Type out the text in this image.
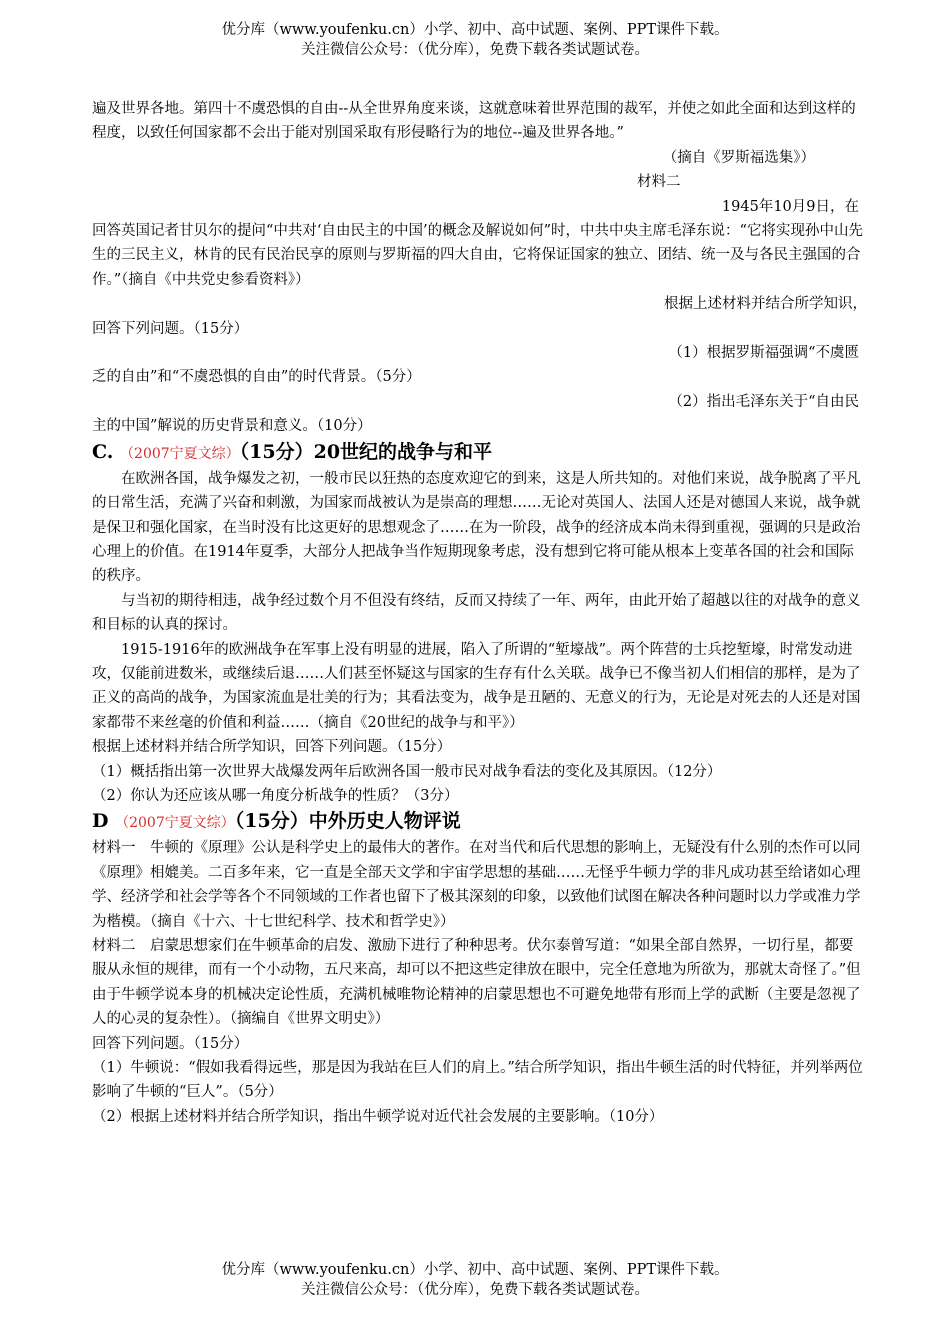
优分库（www.youfenku.cn）小学、初中、高中试题、案例、PPT课件下载。
关注微信公众号：（优分库），免费下载各类试题试卷。

遍及世界各地。第四十不虞恐惧的自由--从全世界角度来谈，这就意味着世界范围的裁军，并使之如此全面和达到这样的程度，以致任何国家都不会出于能对别国采取有形侵略行为的地位--遍及世界各地。”

（摘自《罗斯福选集》）

材料二

1945年10月9日，在

回答英国记者甘贝尔的提问“中共对‘自由民主的中国’的概念及解说如何”时，中共中央主席毛泽东说：“它将实现孙中山先生的三民主义，林肯的民有民治民享的原则与罗斯福的四大自由，它将保证国家的独立、团结、统一及与各民主强国的合作。”（摘自《中共党史参看资料》）

根据上述材料并结合所学知识，

回答下列问题。（15分）

（1）根据罗斯福强调“不虞匮

乏的自由”和“不虞恐惧的自由”的时代背景。（5分）

（2）指出毛泽东关于“自由民

主的中国”解说的历史背景和意义。（10分）

C. （2007宁夏文综）（15分）20世纪的战争与和平

在欧洲各国，战争爆发之初，一般市民以狂热的态度欢迎它的到来，这是人所共知的。对他们来说，战争脱离了平凡的日常生活，充满了兴奋和刺激，为国家而战被认为是崇高的理想……无论对英国人、法国人还是对德国人来说，战争就是保卫和强化国家，在当时没有比这更好的思想观念了……在为一阶段，战争的经济成本尚未得到重视，强调的只是政治心理上的价值。在1914年夏季，大部分人把战争当作短期现象考虑，没有想到它将可能从根本上变革各国的社会和国际的秩序。

与当初的期待相违，战争经过数个月不但没有终结，反而又持续了一年、两年，由此开始了超越以往的对战争的意义和目标的认真的探讨。

1915-1916年的欧洲战争在军事上没有明显的进展，陷入了所谓的“堑壕战”。两个阵营的士兵挖堑壕，时常发动进攻，仅能前进数米，或继续后退……人们甚至怀疑这与国家的生存有什么关联。战争已不像当初人们相信的那样，是为了正义的高尚的战争，为国家流血是壮美的行为；其看法变为，战争是丑陋的、无意义的行为，无论是对死去的人还是对国家都带不来丝毫的价值和利益……（摘自《20世纪的战争与和平》）

根据上述材料并结合所学知识，回答下列问题。（15分）

（1）概括指出第一次世界大战爆发两年后欧洲各国一般市民对战争看法的变化及其原因。（12分）

（2）你认为还应该从哪一角度分析战争的性质？（3分）

D （2007宁夏文综）（15分）中外历史人物评说

材料一　牛顿的《原理》公认是科学史上的最伟大的著作。在对当代和后代思想的影响上，无疑没有什么别的杰作可以同《原理》相媲美。二百多年来，它一直是全部天文学和宇宙学思想的基础……无怪乎牛顿力学的非凡成功甚至给诸如心理学、经济学和社会学等各个不同领域的工作者也留下了极其深刻的印象，以致他们试图在解决各种问题时以力学或准力学为楷模。（摘自《十六、十七世纪科学、技术和哲学史》）

材料二　启蒙思想家们在牛顿革命的启发、激励下进行了种种思考。伏尔泰曾写道：“如果全部自然界，一切行星，都要服从永恒的规律，而有一个小动物，五尺来高，却可以不把这些定律放在眼中，完全任意地为所欲为，那就太奇怪了。”但由于牛顿学说本身的机械决定论性质，充满机械唯物论精神的启蒙思想也不可避免地带有形而上学的武断（主要是忽视了人的心灵的复杂性）。（摘编自《世界文明史》）

回答下列问题。（15分）

（1）牛顿说：“假如我看得远些，那是因为我站在巨人们的肩上。”结合所学知识，指出牛顿生活的时代特征，并列举两位影响了牛顿的“巨人”。（5分）

（2）根据上述材料并结合所学知识，指出牛顿学说对近代社会发展的主要影响。（10分）

优分库（www.youfenku.cn）小学、初中、高中试题、案例、PPT课件下载。
关注微信公众号：（优分库），免费下载各类试题试卷。
